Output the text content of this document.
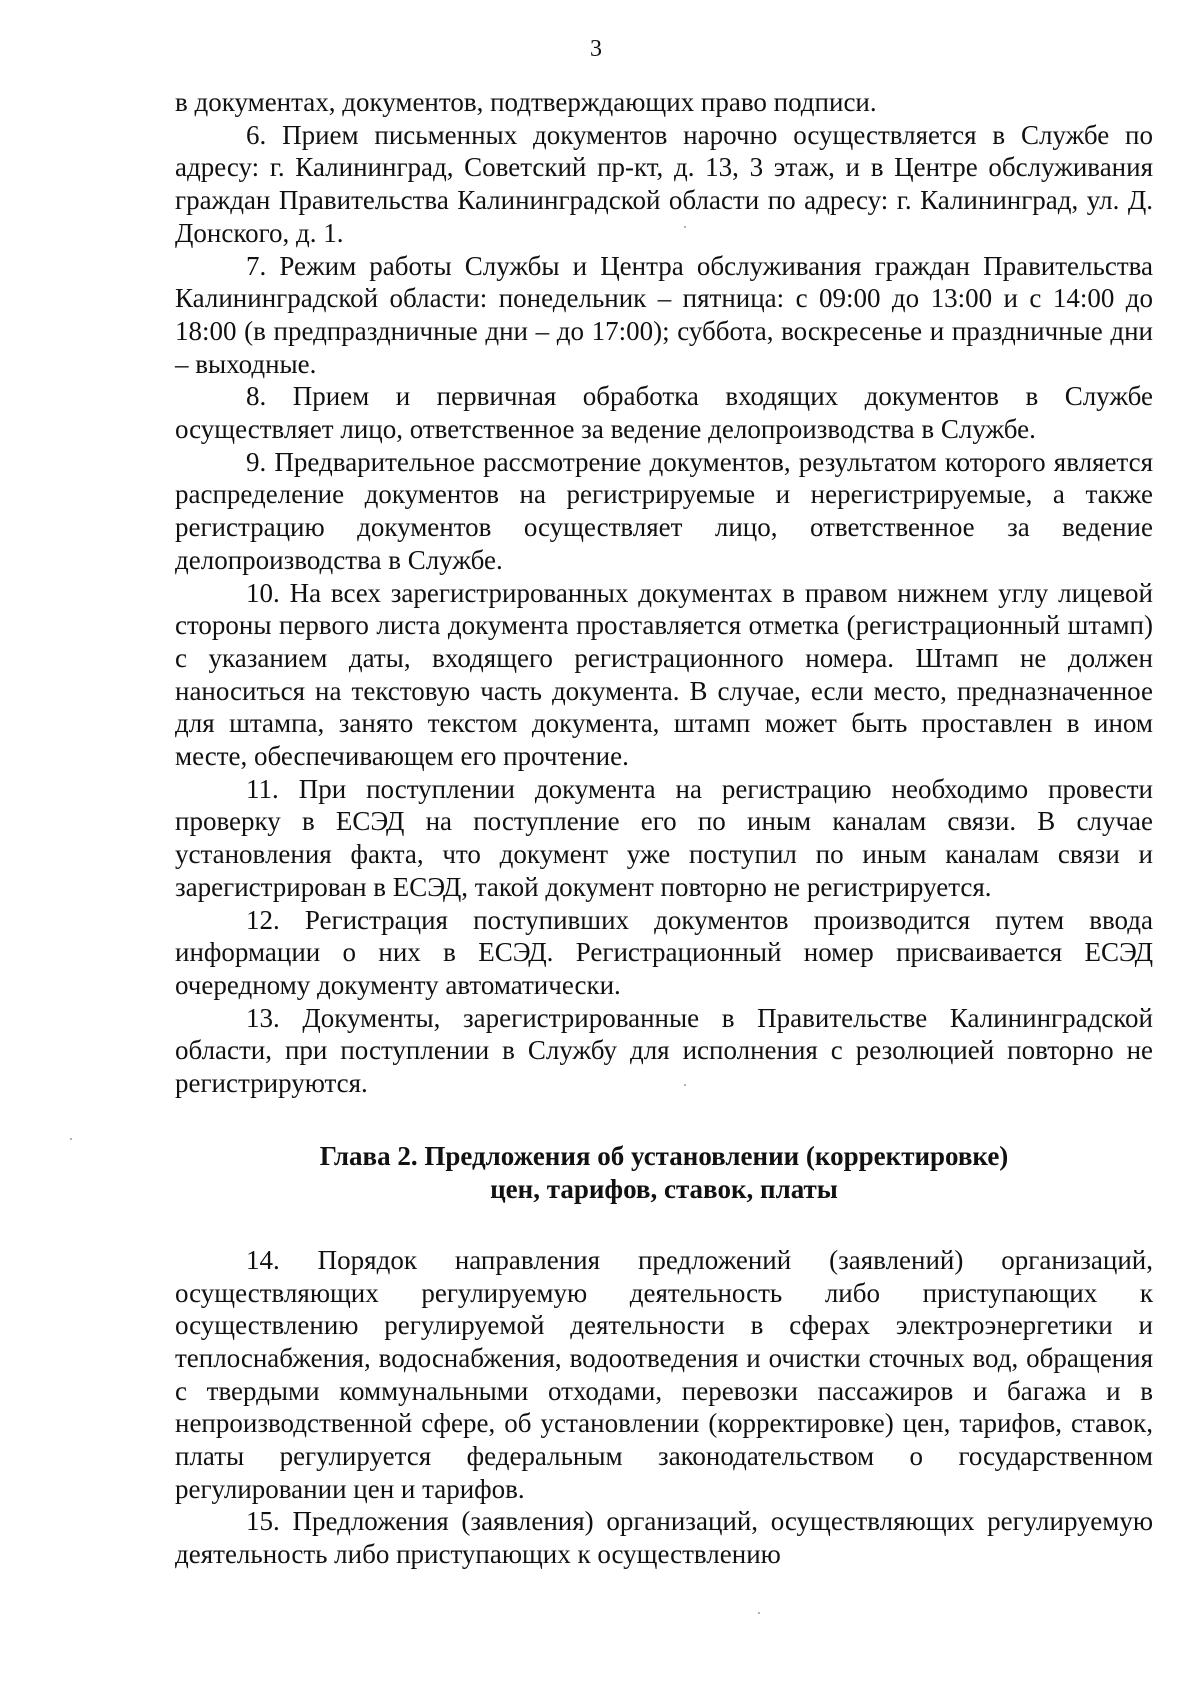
3

в документах, документов, подтверждающих право подписи.

6. Прием письменных документов нарочно осуществляется в Службе по адресу: г. Калининград, Советский пр-кт, д. 13, 3 этаж, и в Центре обслуживания граждан Правительства Калининградской области по адресу: г. Калининград, ул. Д. Донского, д. 1.

7. Режим работы Службы и Центра обслуживания граждан Правительства Калининградской области: понедельник – пятница: с 09:00 до 13:00 и с 14:00 до 18:00 (в предпраздничные дни – до 17:00); суббота, воскресенье и праздничные дни – выходные.

8. Прием и первичная обработка входящих документов в Службе осуществляет лицо, ответственное за ведение делопроизводства в Службе.

9. Предварительное рассмотрение документов, результатом которого является распределение документов на регистрируемые и нерегистрируемые, а также регистрацию документов осуществляет лицо, ответственное за ведение делопроизводства в Службе.

10. На всех зарегистрированных документах в правом нижнем углу лицевой стороны первого листа документа проставляется отметка (регистрационный штамп) с указанием даты, входящего регистрационного номера. Штамп не должен наноситься на текстовую часть документа. В случае, если место, предназначенное для штампа, занято текстом документа, штамп может быть проставлен в ином месте, обеспечивающем его прочтение.

11. При поступлении документа на регистрацию необходимо провести проверку в ЕСЭД на поступление его по иным каналам связи. В случае установления факта, что документ уже поступил по иным каналам связи и зарегистрирован в ЕСЭД, такой документ повторно не регистрируется.

12. Регистрация поступивших документов производится путем ввода информации о них в ЕСЭД. Регистрационный номер присваивается ЕСЭД очередному документу автоматически.

13. Документы, зарегистрированные в Правительстве Калининградской области, при поступлении в Службу для исполнения с резолюцией повторно не регистрируются.

Глава 2. Предложения об установлении (корректировке)
цен, тарифов, ставок, платы

14. Порядок направления предложений (заявлений) организаций, осуществляющих регулируемую деятельность либо приступающих к осуществлению регулируемой деятельности в сферах электроэнергетики и теплоснабжения, водоснабжения, водоотведения и очистки сточных вод, обращения с твердыми коммунальными отходами, перевозки пассажиров и багажа и в непроизводственной сфере, об установлении (корректировке) цен, тарифов, ставок, платы регулируется федеральным законодательством о государственном регулировании цен и тарифов.

15. Предложения (заявления) организаций, осуществляющих регулируемую деятельность либо приступающих к осуществлению
